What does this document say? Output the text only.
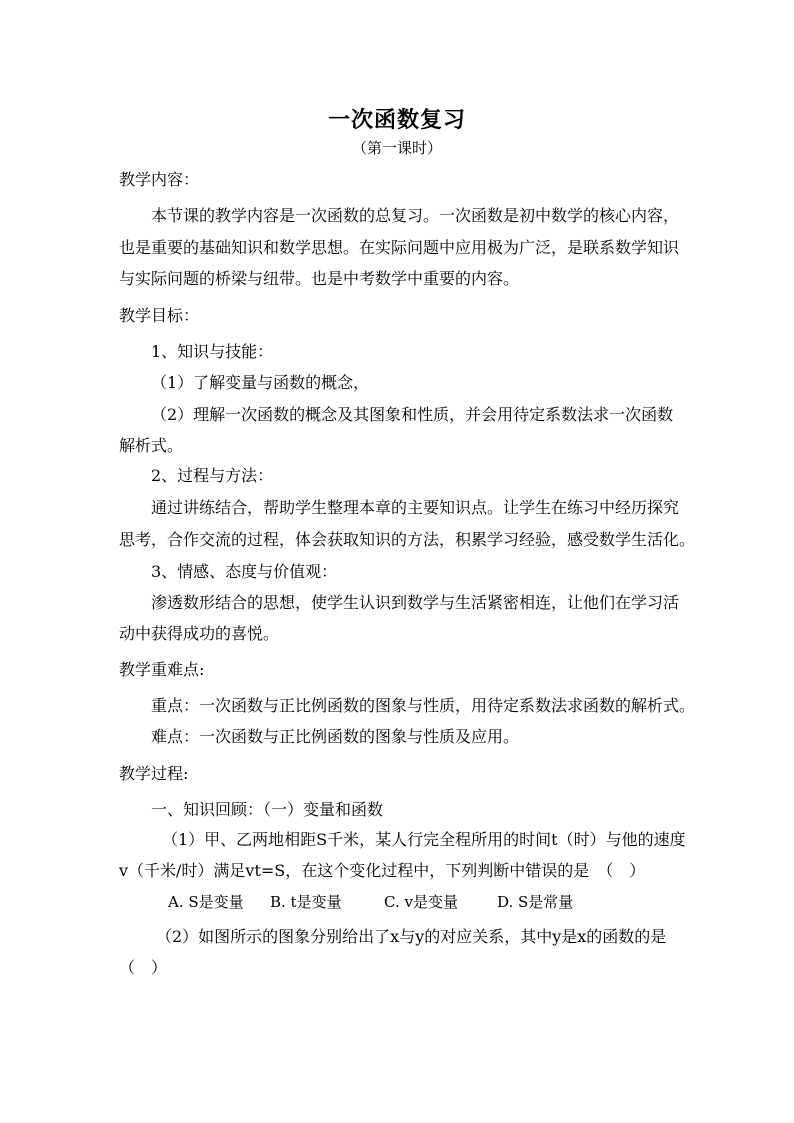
一次函数复习
（第一课时）
教学内容：
本节课的教学内容是一次函数的总复习。一次函数是初中数学的核心内容，
也是重要的基础知识和数学思想。在实际问题中应用极为广泛，是联系数学知识
与实际问题的桥梁与纽带。也是中考数学中重要的内容。
教学目标：
1、知识与技能：
（1）了解变量与函数的概念，
（2）理解一次函数的概念及其图象和性质，并会用待定系数法求一次函数
解析式。
2、过程与方法：
通过讲练结合，帮助学生整理本章的主要知识点。让学生在练习中经历探究
思考，合作交流的过程，体会获取知识的方法，积累学习经验，感受数学生活化。
3、情感、态度与价值观：
渗透数形结合的思想，使学生认识到数学与生活紧密相连，让他们在学习活
动中获得成功的喜悦。
教学重难点:
重点：一次函数与正比例函数的图象与性质，用待定系数法求函数的解析式。
难点：一次函数与正比例函数的图象与性质及应用。
教学过程:
一、知识回顾：（一）变量和函数
（1）甲、乙两地相距S千米，某人行完全程所用的时间t（时）与他的速度
v（千米/时）满足vt=S，在这个变化过程中，下列判断中错误的是　（　）
A. S是变量 B. t是变量	C. v是变量	D. S是常量
（2）如图所示的图象分别给出了x与y的对应关系，其中y是x的函数的是
（　）
